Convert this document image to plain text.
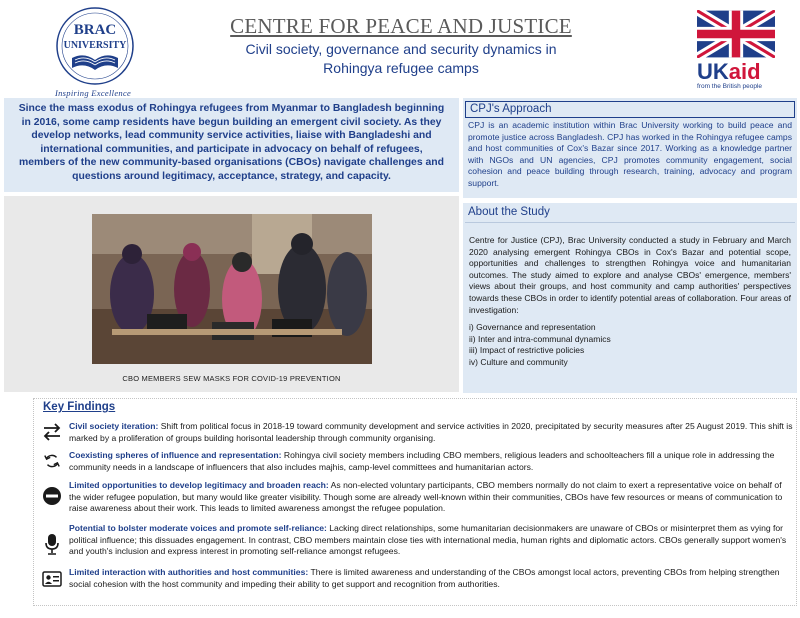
BRAC
UNIVERSITY
Inspiring Excellence
CENTRE FOR PEACE AND JUSTICE
Civil society, governance and security dynamics in
Rohingya refugee camps	UKaid
from the British people
Since the mass exodus of Rohingya refugees from Myanmar to Bangladesh beginning in 2016, some camp residents have begun building an emergent civil society. As they develop networks, lead community service activities, liaise with Bangladeshi and international communities, and participate in advocacy on behalf of refugees, members of the new community-based organisations (CBOs) navigate challenges and questions around legitimacy, acceptance, strategy, and capacity.
CBO MEMBERS SEW MASKS FOR COVID-19 PREVENTION
CPJ's Approach
CPJ is an academic institution within Brac University working to build peace and promote justice across Bangladesh. CPJ has worked in the Rohingya refugee camps and host communities of Cox's Bazar since 2017. Working as a knowledge partner with NGOs and UN agencies, CPJ promotes community engagement, social cohesion and peace building through research, training, advocacy and program support.
About the Study
Centre for Justice (CPJ), Brac University conducted a study in February and March 2020 analysing emergent Rohingya CBOs in Cox's Bazar and potential scope, opportunities and challenges to strengthen Rohingya voice and humanitarian outcomes. The study aimed to explore and analyse CBOs' emergence, members' views about their groups, and host community and camp authorities' perspectives towards these CBOs in order to identify potential areas of collaboration. Four areas of investigation:
i) Governance and representation
ii) Inter and intra-communal dynamics
iii) Impact of restrictive policies
iv) Culture and community
Key Findings
Civil society iteration: Shift from political focus in 2018-19 toward community development and service activities in 2020, precipitated by security measures after 25 August 2019. This shift is marked by a proliferation of groups building horisontal leadership through community organising.
Coexisting spheres of influence and representation: Rohingya civil society members including CBO members, religious leaders and schoolteachers fill a unique role in addressing the community needs in a landscape of influencers that also includes majhis, camp-level committees and humanitarian actors.
Limited opportunities to develop legitimacy and broaden reach: As non-elected voluntary participants, CBO members normally do not claim to exert a representative voice on behalf of the wider refugee population, but many would like greater visibility. Though some are already well-known within their communities, CBOs have few resources or means of communication to raise awareness about their work. This leads to limited awareness amongst the refugee population.
Potential to bolster moderate voices and promote self-reliance: Lacking direct relationships, some humanitarian decisionmakers are unaware of CBOs or misinterpret them as vying for political influence; this dissuades engagement. In contrast, CBO members maintain close ties with international media, human rights and diplomatic actors. CBOs generally support women's and youth's inclusion and express interest in promoting self-reliance amongst refugees.
Limited interaction with authorities and host communities: There is limited awareness and understanding of the CBOs amongst local actors, preventing CBOs from helping strengthen social cohesion with the host community and impeding their ability to get support and recognition from authorities.
